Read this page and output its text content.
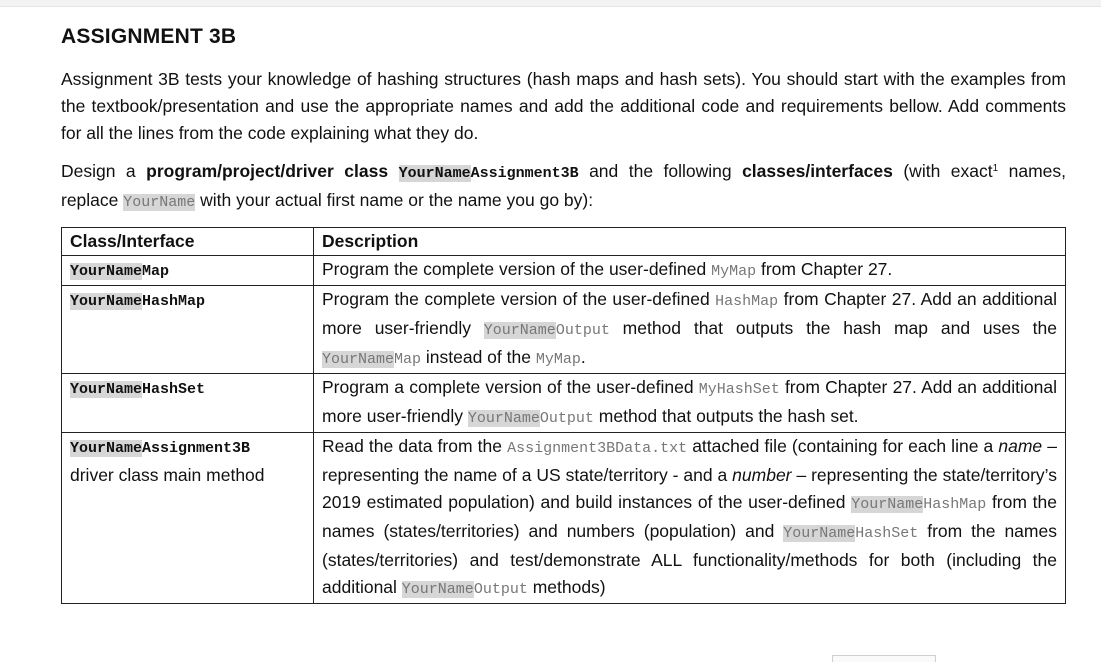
ASSIGNMENT 3B

Assignment 3B tests your knowledge of hashing structures (hash maps and hash sets). You should start with the examples from the textbook/presentation and use the appropriate names and add the additional code and requirements bellow. Add comments for all the lines from the code explaining what they do.

Design a program/project/driver class YourNameAssignment3B and the following classes/interfaces (with exact$^1$ names, replace YourName with your actual first name or the name you go by):

Class/Interface	Description
YourNameMap	Program the complete version of the user-defined MyMap from Chapter 27.
YourNameHashMap	Program the complete version of the user-defined HashMap from Chapter 27. Add an additional more user-friendly YourNameOutput method that outputs the hash map and uses the YourNameMap instead of the MyMap.
YourNameHashSet	Program a complete version of the user-defined MyHashSet from Chapter 27. Add an additional more user-friendly YourNameOutput method that outputs the hash set.
YourNameAssignment3B
driver class main method	Read the data from the Assignment3BData.txt attached file (containing for each line a name – representing the name of a US state/territory - and a number – representing the state/territory’s 2019 estimated population) and build instances of the user-defined YourNameHashMap from the names (states/territories) and numbers (population) and YourNameHashSet from the names (states/territories) and test/demonstrate ALL functionality/methods for both (including the additional YourNameOutput methods)
